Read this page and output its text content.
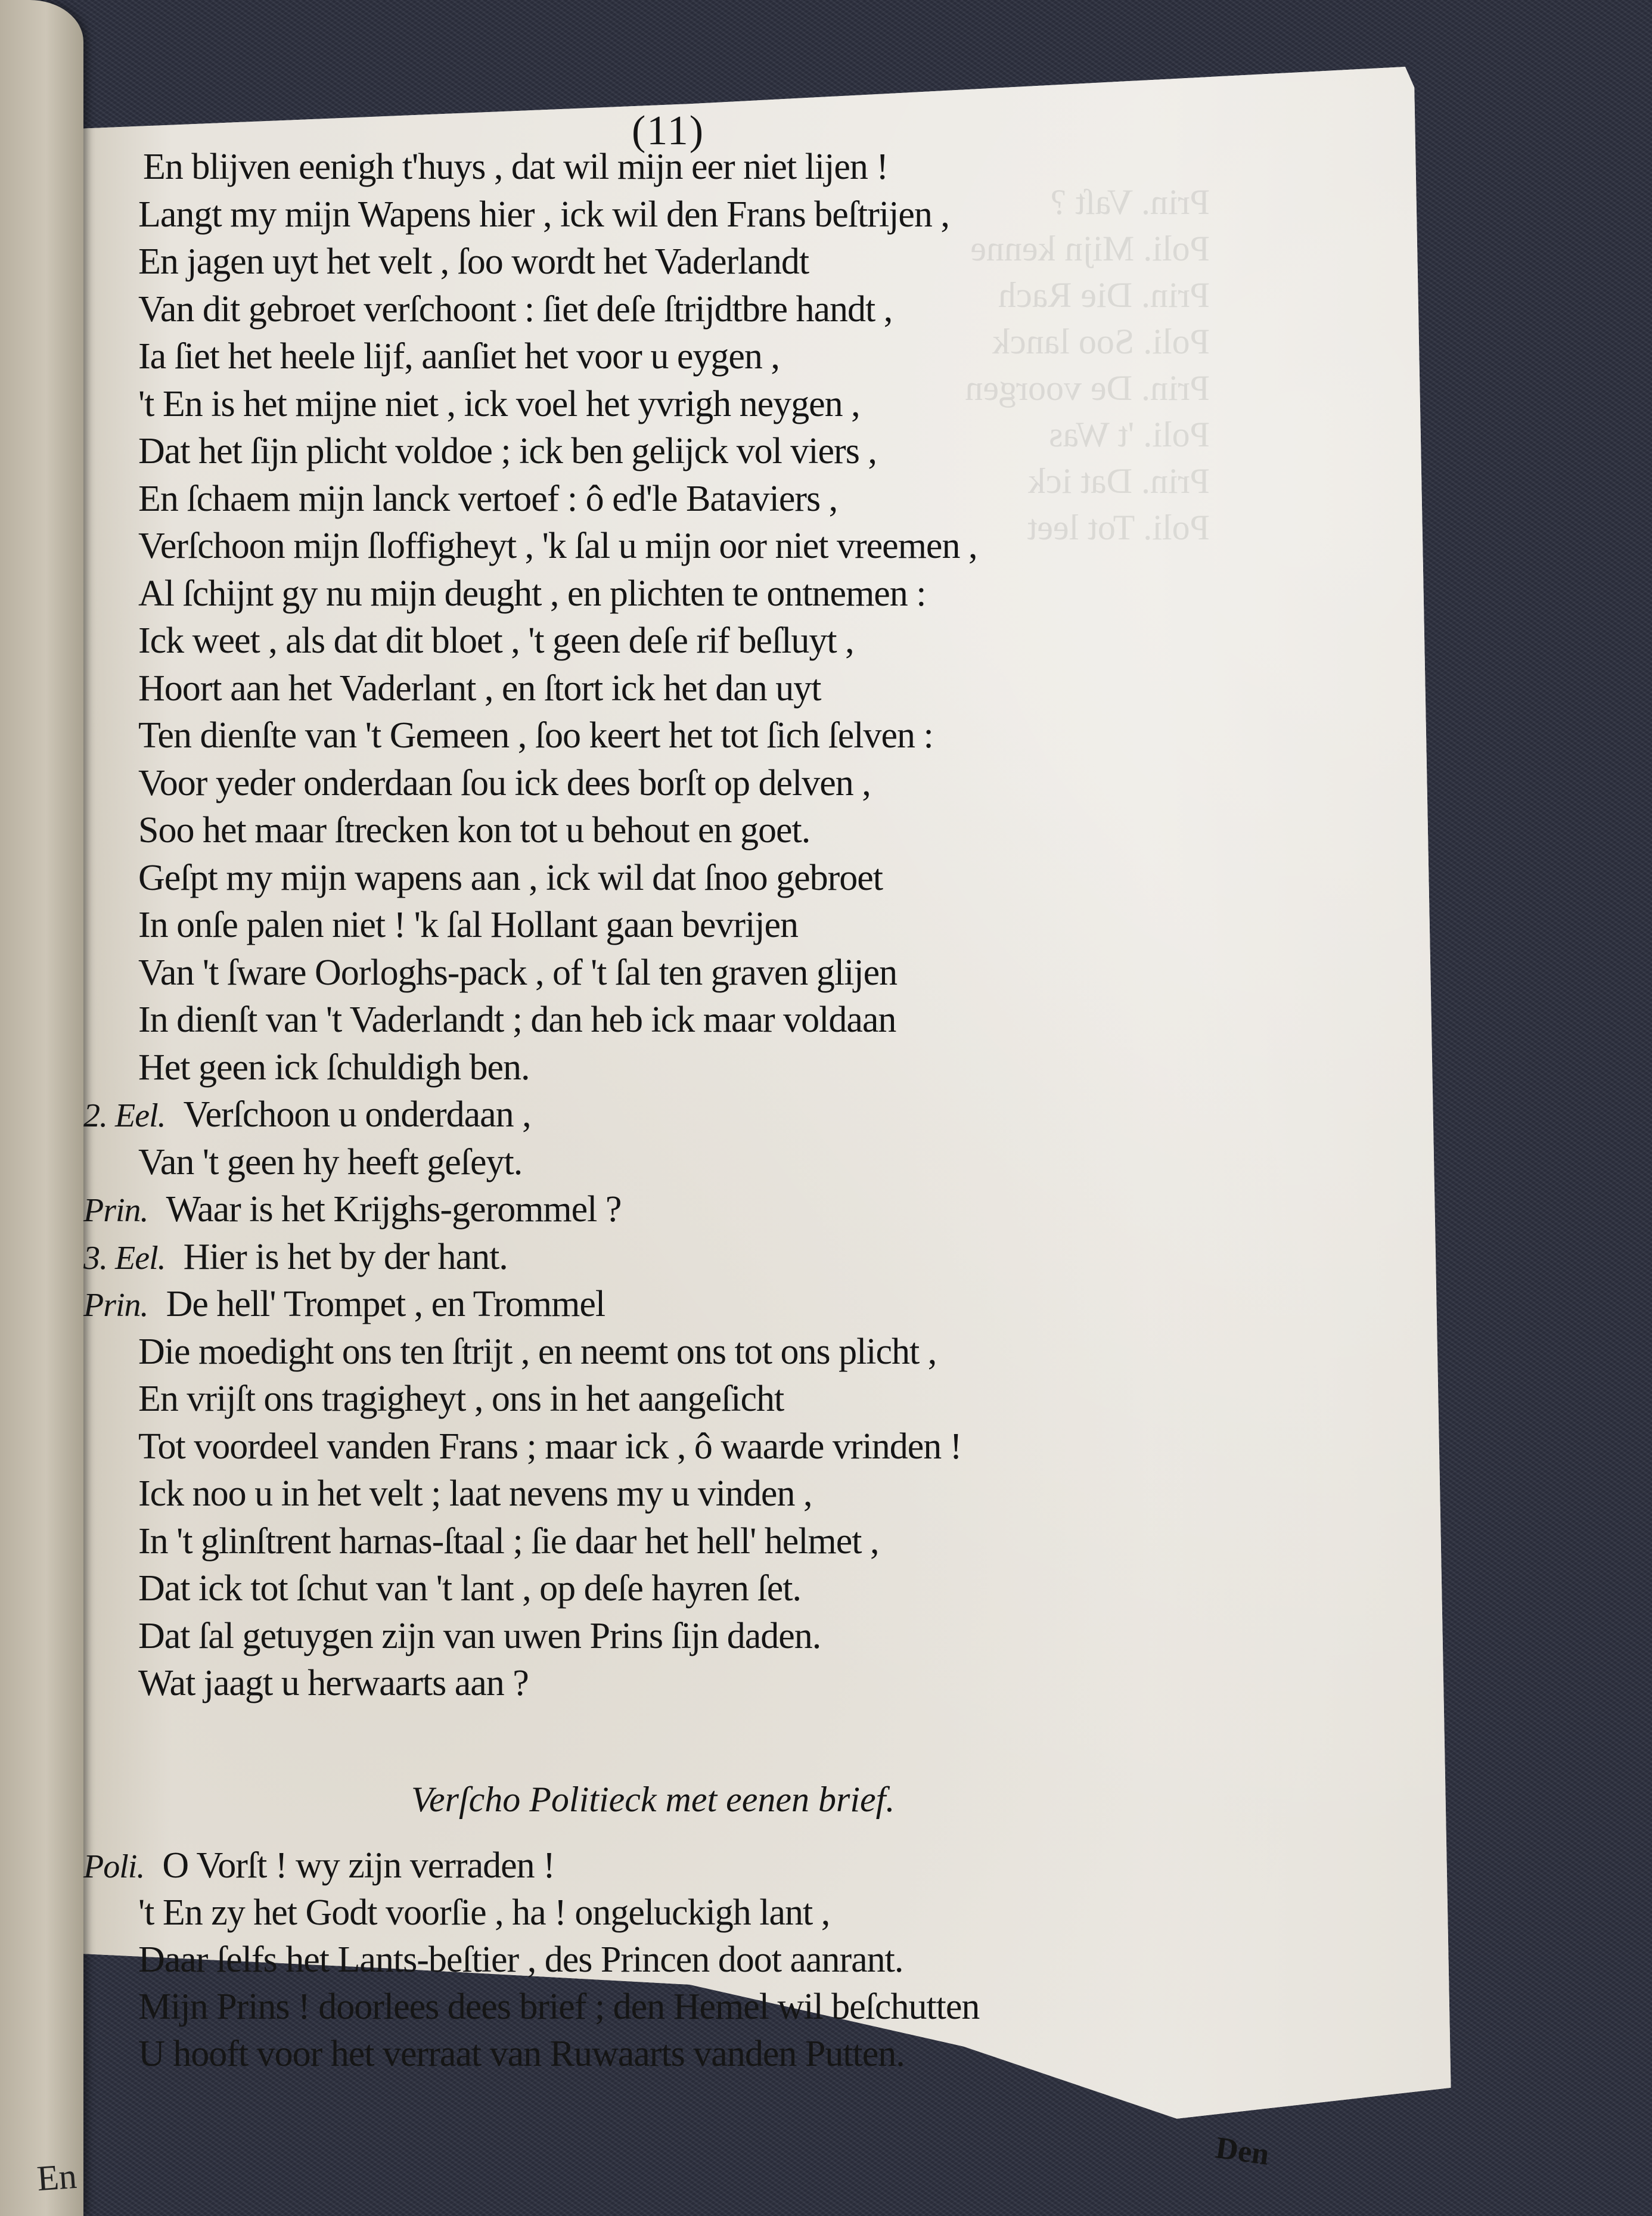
En
Prin. Vaſt ?
Poli. Mijn kenne
Prin. Die Rach
Poli. Soo lanck
Prin. De voorgen
Poli. 't Was
Prin. Dat ick
Poli. Tot leet
(11)
En blijven eenigh t'huys , dat wil mijn eer niet lijen !
Langt my mijn Wapens hier , ick wil den Frans beſtrijen ,
En jagen uyt het velt , ſoo wordt het Vaderlandt
Van dit gebroet verſchoont : ſiet deſe ſtrijdtbre handt ,
Ia ſiet het heele lijf, aanſiet het voor u eygen ,
't En is het mijne niet , ick voel het yvrigh neygen ,
Dat het ſijn plicht voldoe ; ick ben gelijck vol viers ,
En ſchaem mijn lanck vertoef : ô ed'le Bataviers ,
Verſchoon mijn ſloffigheyt , 'k ſal u mijn oor niet vreemen ,
Al ſchijnt gy nu mijn deught , en plichten te ontnemen :
Ick weet , als dat dit bloet , 't geen deſe rif beſluyt ,
Hoort aan het Vaderlant , en ſtort ick het dan uyt
Ten dienſte van 't Gemeen , ſoo keert het tot ſich ſelven :
Voor yeder onderdaan ſou ick dees borſt op delven ,
Soo het maar ſtrecken kon tot u behout en goet.
Geſpt my mijn wapens aan , ick wil dat ſnoo gebroet
In onſe palen niet ! 'k ſal Hollant gaan bevrijen
Van 't ſware Oorloghs-pack , of 't ſal ten graven glijen
In dienſt van 't Vaderlandt ; dan heb ick maar voldaan
Het geen ick ſchuldigh ben.
2. Eel. Verſchoon u onderdaan ,
Van 't geen hy heeft geſeyt.
Prin. Waar is het Krijghs-gerommel ?
3. Eel. Hier is het by der hant.
Prin. De hell' Trompet , en Trommel
Die moedight ons ten ſtrijt , en neemt ons tot ons plicht ,
En vrijſt ons tragigheyt , ons in het aangeſicht
Tot voordeel vanden Frans ; maar ick , ô waarde vrinden !
Ick noo u in het velt ; laat nevens my u vinden ,
In 't glinſtrent harnas-ſtaal ; ſie daar het hell' helmet ,
Dat ick tot ſchut van 't lant , op deſe hayren ſet.
Dat ſal getuygen zijn van uwen Prins ſijn daden.
Wat jaagt u herwaarts aan ?
Verſcho Politieck met eenen brief.
Poli. O Vorſt ! wy zijn verraden !
't En zy het Godt voorſie , ha ! ongeluckigh lant ,
Daar ſelfs het Lants-beſtier , des Princen doot aanrant.
Mijn Prins ! doorlees dees brief ; den Hemel wil beſchutten
U hooft voor het verraat van Ruwaarts vanden Putten.
Den
